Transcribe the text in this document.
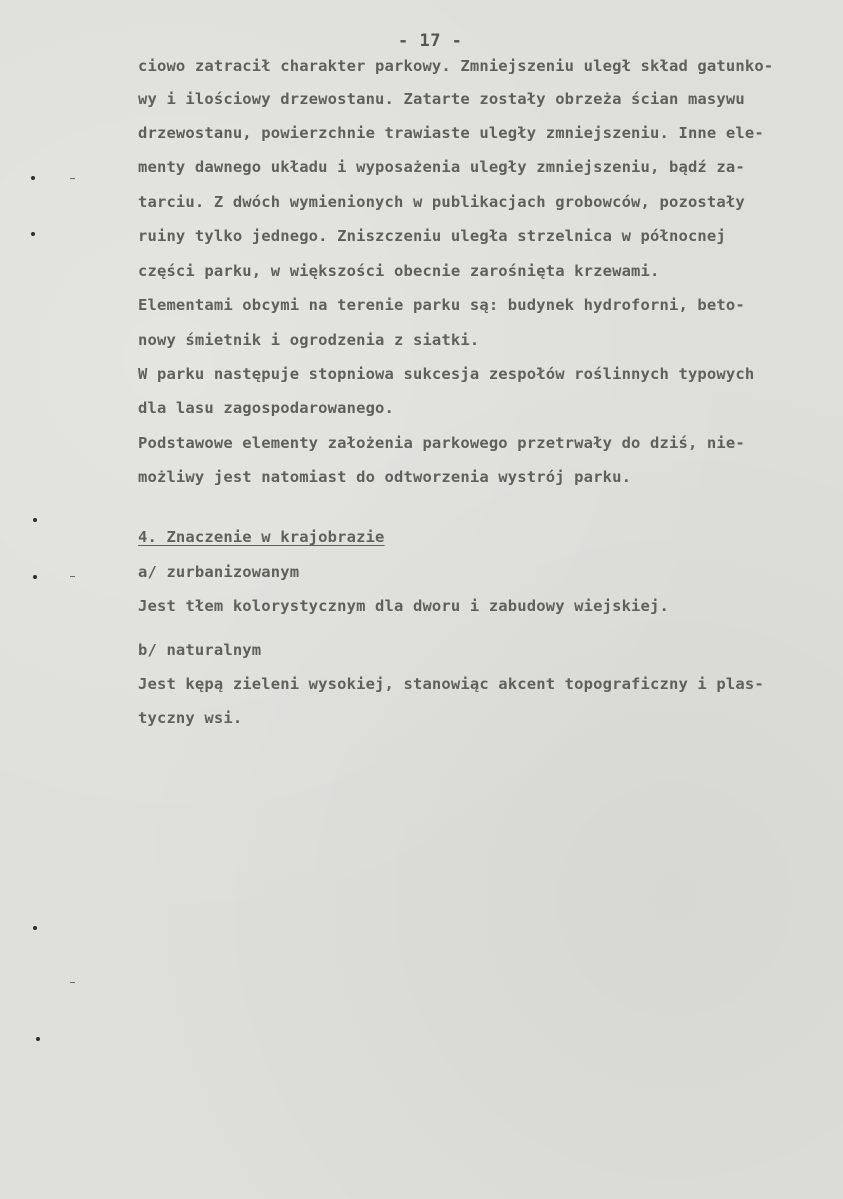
- 17 -
ciowo zatracił charakter parkowy. Zmniejszeniu uległ skład gatunko-
wy i ilościowy drzewostanu. Zatarte zostały obrzeża ścian masywu
drzewostanu, powierzchnie trawiaste uległy zmniejszeniu. Inne ele-
menty dawnego układu i wyposażenia uległy zmniejszeniu, bądź za-
tarciu. Z dwóch wymienionych w publikacjach grobowców, pozostały
ruiny tylko jednego. Zniszczeniu uległa strzelnica w północnej
części parku, w większości obecnie zarośnięta krzewami.
Elementami obcymi na terenie parku są: budynek hydroforni, beto-
nowy śmietnik i ogrodzenia z siatki.
W parku następuje stopniowa sukcesja zespołów roślinnych typowych
dla lasu zagospodarowanego.
Podstawowe elementy założenia parkowego przetrwały do dziś, nie-
możliwy jest natomiast do odtworzenia wystrój parku.
4. Znaczenie w krajobrazie
a/ zurbanizowanym
Jest tłem kolorystycznym dla dworu i zabudowy wiejskiej.
b/ naturalnym
Jest kępą zieleni wysokiej, stanowiąc akcent topograficzny i plas-
tyczny wsi.
